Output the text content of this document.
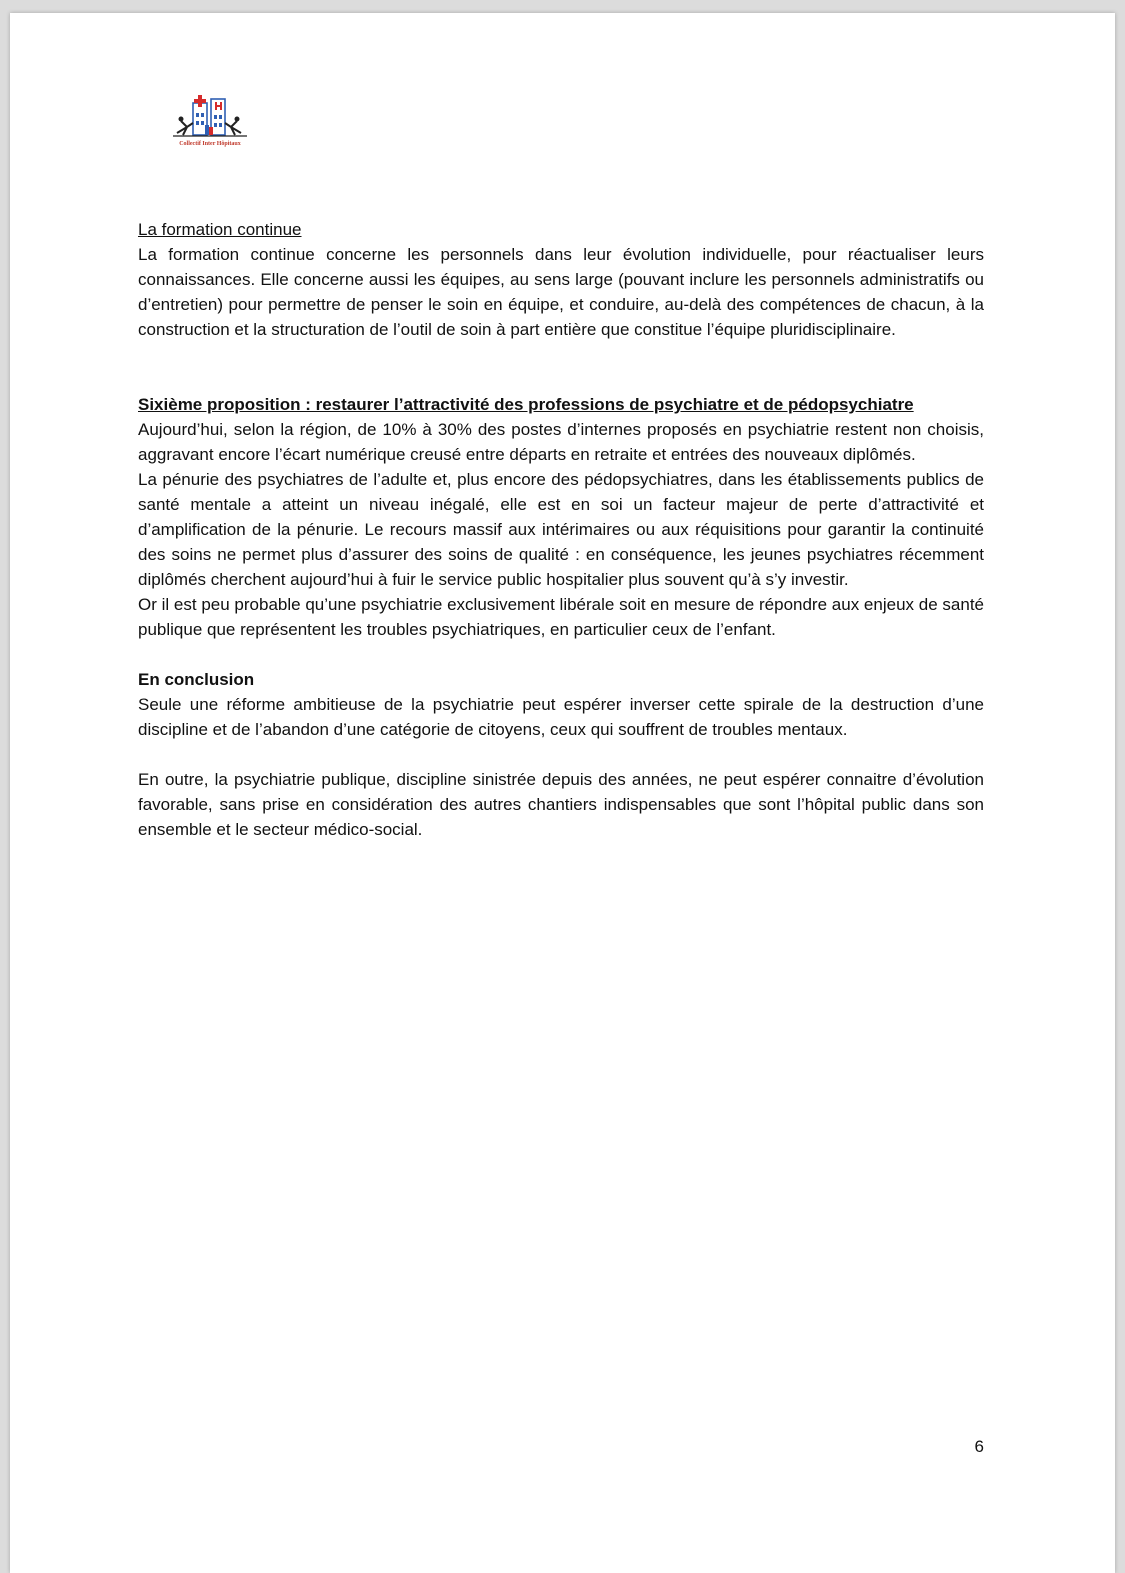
Collectif Inter Hôpitaux

La formation continue

La formation continue concerne les personnels dans leur évolution individuelle, pour réactualiser leurs connaissances. Elle concerne aussi les équipes, au sens large (pouvant inclure les personnels administratifs ou d’entretien) pour permettre de penser le soin en équipe, et conduire, au-delà des compétences de chacun, à la construction et la structuration de l’outil de soin à part entière que constitue l’équipe pluridisciplinaire.

Sixième proposition : restaurer l’attractivité des professions de psychiatre et de pédopsychiatre

Aujourd’hui, selon la région, de 10% à 30% des postes d’internes proposés en psychiatrie restent non choisis, aggravant encore l’écart numérique creusé entre départs en retraite et entrées des nouveaux diplômés.

La pénurie des psychiatres de l’adulte et, plus encore des pédopsychiatres, dans les établissements publics de santé mentale a atteint un niveau inégalé, elle est en soi un facteur majeur de perte d’attractivité et d’amplification de la pénurie. Le recours massif aux intérimaires ou aux réquisitions pour garantir la continuité des soins ne permet plus d’assurer des soins de qualité : en conséquence, les jeunes psychiatres récemment diplômés cherchent aujourd’hui à fuir le service public hospitalier plus souvent qu’à s’y investir.

Or il est peu probable qu’une psychiatrie exclusivement libérale soit en mesure de répondre aux enjeux de santé publique que représentent les troubles psychiatriques, en particulier ceux de l’enfant.

En conclusion

Seule une réforme ambitieuse de la psychiatrie peut espérer inverser cette spirale de la destruction d’une discipline et de l’abandon d’une catégorie de citoyens, ceux qui souffrent de troubles mentaux.

En outre, la psychiatrie publique, discipline sinistrée depuis des années, ne peut espérer connaitre d’évolution favorable, sans prise en considération des autres chantiers indispensables que sont l’hôpital public dans son ensemble et le secteur médico-social.

6
